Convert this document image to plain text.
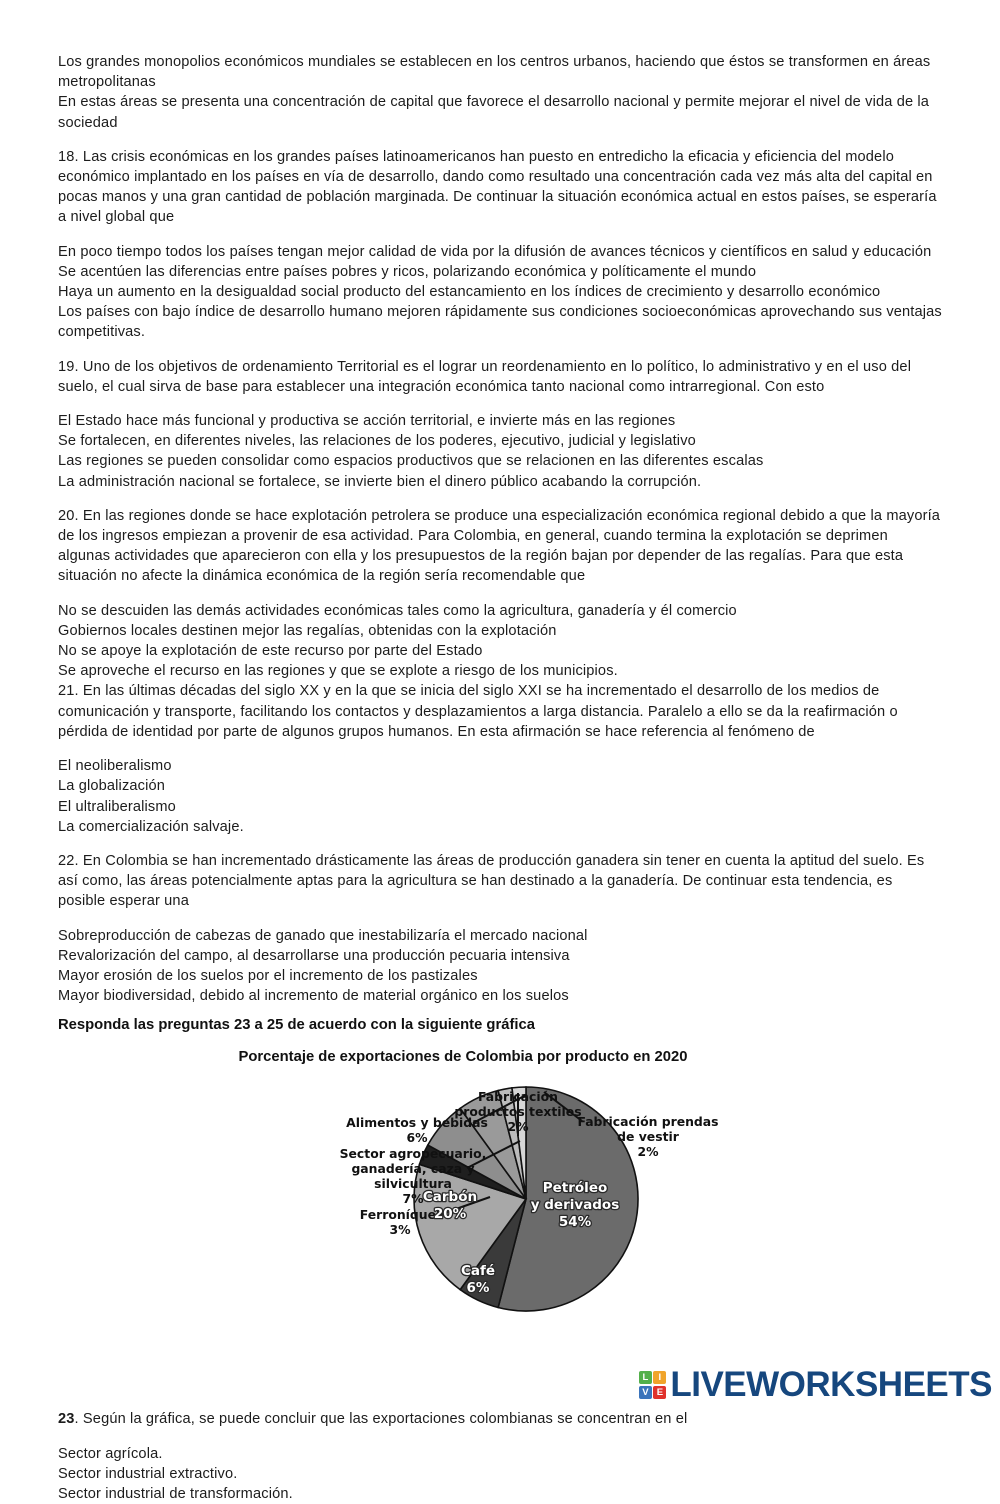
Los grandes monopolios económicos mundiales se establecen en los centros urbanos, haciendo que éstos se transformen en áreas metropolitanas

En estas áreas se presenta una concentración de capital que favorece el desarrollo nacional y permite mejorar el nivel de vida de la sociedad

18. Las crisis económicas en los grandes países latinoamericanos han puesto en entredicho la eficacia y eficiencia del modelo económico implantado en los países en vía de desarrollo, dando como resultado una concentración cada vez más alta del capital en pocas manos y una gran cantidad de población marginada. De continuar la situación económica actual en estos países, se esperaría a nivel global que

En poco tiempo todos los países tengan mejor calidad de vida por la difusión de avances técnicos y científicos en salud y educación

Se acentúen las diferencias entre países pobres y ricos, polarizando económica y políticamente el mundo

Haya un aumento en la desigualdad social producto del estancamiento en los índices de crecimiento y desarrollo económico

Los países con bajo índice de desarrollo humano mejoren rápidamente sus condiciones socioeconómicas aprovechando sus ventajas competitivas.

19. Uno de los objetivos de ordenamiento Territorial es el lograr un reordenamiento en lo político, lo administrativo y en el uso del suelo, el cual sirva de base para establecer una integración económica tanto nacional como intrarregional. Con esto

El Estado hace más funcional y productiva se acción territorial, e invierte más en las regiones

Se fortalecen, en diferentes niveles, las relaciones de los poderes, ejecutivo, judicial y legislativo

Las regiones se pueden consolidar como espacios productivos que se relacionen en las diferentes escalas

La administración nacional se fortalece, se invierte bien el dinero público acabando la corrupción.

20. En las regiones donde se hace explotación petrolera se produce una especialización económica regional debido a que la mayoría de los ingresos empiezan a provenir de esa actividad. Para Colombia, en general, cuando termina la explotación se deprimen algunas actividades que aparecieron con ella y los presupuestos de la región bajan por depender de las regalías. Para que esta situación no afecte la dinámica económica de la región sería recomendable que

No se descuiden las demás actividades económicas tales como la agricultura, ganadería y él comercio

Gobiernos locales destinen mejor las regalías, obtenidas con la explotación

No se apoye la explotación de este recurso por parte del Estado

Se aproveche el recurso en las regiones y que se explote a riesgo de los municipios.

21. En las últimas décadas del siglo XX y en la que se inicia del siglo XXI se ha incrementado el desarrollo de los medios de comunicación y transporte, facilitando los contactos y desplazamientos a larga distancia. Paralelo a ello se da la reafirmación o pérdida de identidad por parte de algunos grupos humanos. En esta afirmación se hace referencia al fenómeno de

El neoliberalismo

La globalización

El ultraliberalismo

La comercialización salvaje.

22. En Colombia se han incrementado drásticamente las áreas de producción ganadera sin tener en cuenta la aptitud del suelo. Es así como, las áreas potencialmente aptas para la agricultura se han destinado a la ganadería. De continuar esta tendencia, es posible esperar una

Sobreproducción de cabezas de ganado que inestabilizaría el mercado nacional

Revalorización del campo, al desarrollarse una producción pecuaria intensiva

Mayor erosión de los suelos por el incremento de los pastizales

Mayor biodiversidad, debido al incremento de material orgánico en los suelos

Responda las preguntas 23 a 25 de acuerdo con la siguiente gráfica
Porcentaje de exportaciones de Colombia por producto en 2020
Alimentos y bebidas
6%
Sector agropecuario,
ganadería, caza y
silvicultura
7%
Ferroníquel
3%
Fabricación
productos textiles
2%	Fabricación prendas
de vestir
2%
Petróleo
y derivados
54%
Carbón
20%
Café
6%

23. Según la gráfica, se puede concluir que las exportaciones colombianas se concentran en el

Sector agrícola.

Sector industrial extractivo.

Sector industrial de transformación.

L	I
V E LIVEWORKSHEETS
